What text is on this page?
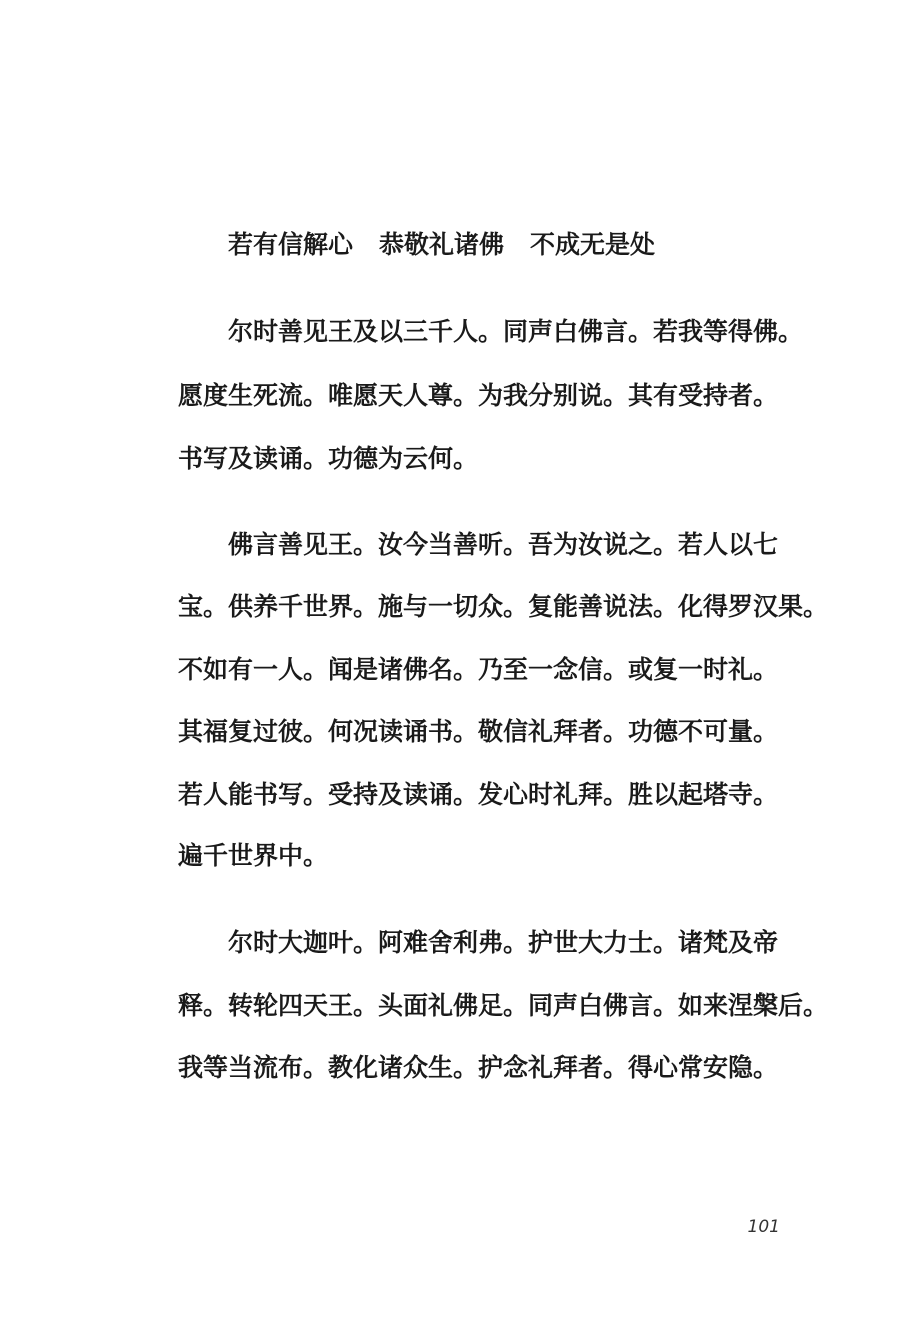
若有信解心 恭敬礼诸佛 不成无是处
尔时善见王及以三千人。同声白佛言。若我等得佛。
愿度生死流。唯愿天人尊。为我分别说。其有受持者。
书写及读诵。功德为云何。
佛言善见王。汝今当善听。吾为汝说之。若人以七
宝。供养千世界。施与一切众。复能善说法。化得罗汉果。
不如有一人。闻是诸佛名。乃至一念信。或复一时礼。
其福复过彼。何况读诵书。敬信礼拜者。功德不可量。
若人能书写。受持及读诵。发心时礼拜。胜以起塔寺。
遍千世界中。
尔时大迦叶。阿难舍利弗。护世大力士。诸梵及帝
释。转轮四天王。头面礼佛足。同声白佛言。如来涅槃后。
我等当流布。教化诸众生。护念礼拜者。得心常安隐。
101
